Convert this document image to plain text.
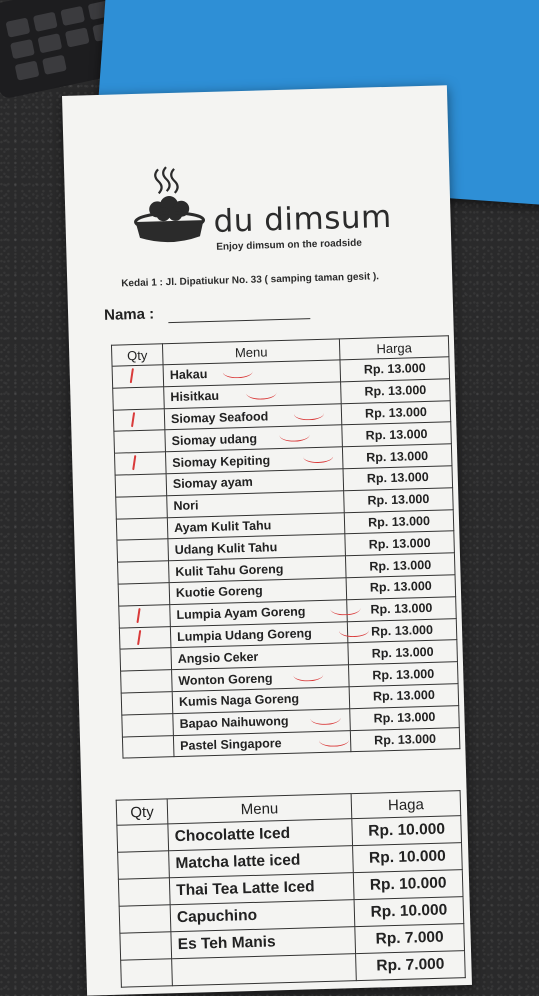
du dimsum
Enjoy dimsum on the roadside
Kedai 1 : Jl. Dipatiukur No. 33 ( samping taman gesit ).
Nama :
Qty	Menu	Harga

	Hakau	Rp. 13.000
	Hisitkau	Rp. 13.000

	Siomay Seafood	Rp. 13.000
	Siomay udang	Rp. 13.000

	Siomay Kepiting	Rp. 13.000
	Siomay ayam	Rp. 13.000
	Nori	Rp. 13.000
	Ayam Kulit Tahu	Rp. 13.000
	Udang Kulit Tahu	Rp. 13.000
	Kulit Tahu Goreng	Rp. 13.000
	Kuotie Goreng	Rp. 13.000

	Lumpia Ayam Goreng	Rp. 13.000

	Lumpia Udang Goreng	Rp. 13.000
	Angsio Ceker	Rp. 13.000
	Wonton Goreng	Rp. 13.000
	Kumis Naga Goreng	Rp. 13.000
	Bapao Naihuwong	Rp. 13.000
	Pastel Singapore	Rp. 13.000
Qty	Menu	Haga
	Chocolatte Iced	Rp. 10.000
	Matcha latte iced	Rp. 10.000
	Thai Tea Latte Iced	Rp. 10.000
	Capuchino	Rp. 10.000
	Es Teh Manis	Rp. 7.000
		Rp. 7.000
